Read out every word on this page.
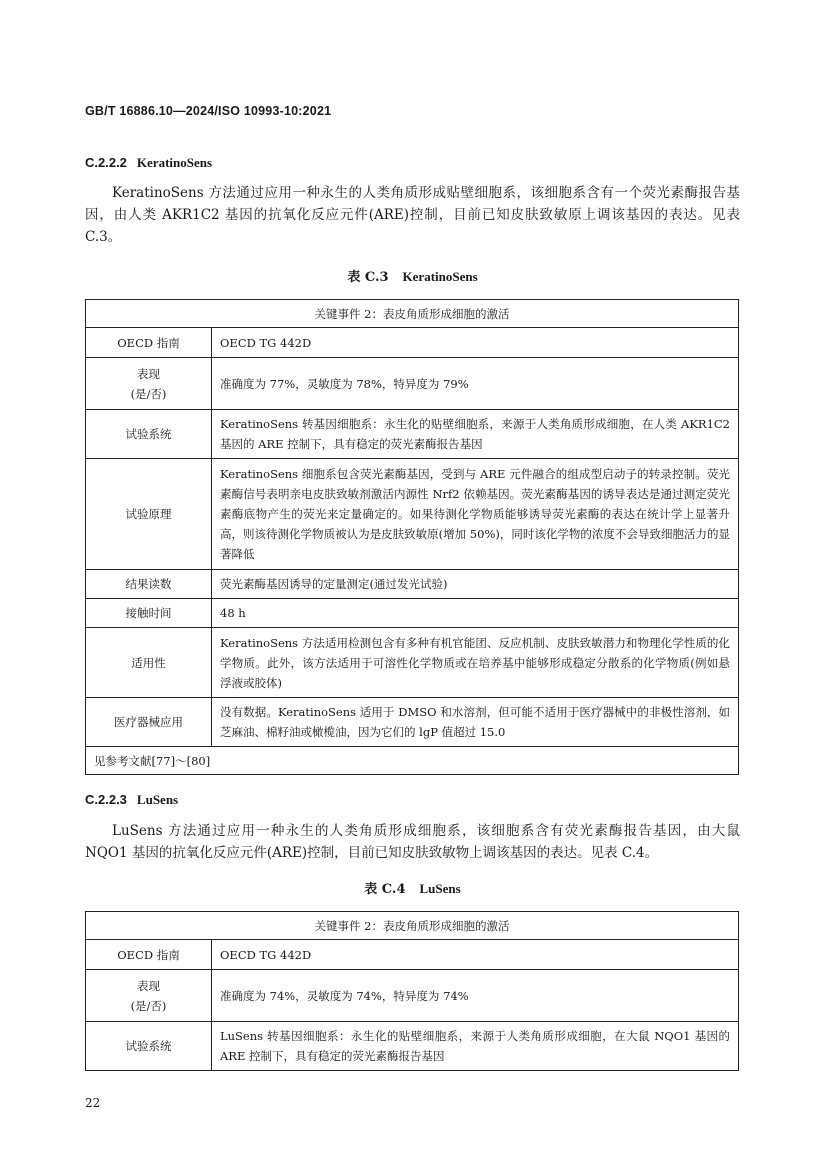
GB/T 16886.10—2024/ISO 10993-10:2021
C.2.2.2 KeratinoSens
KeratinoSens 方法通过应用一种永生的人类角质形成贴壁细胞系，该细胞系含有一个荧光素酶报告基因，由人类 AKR1C2 基因的抗氧化反应元件(ARE)控制，目前已知皮肤致敏原上调该基因的表达。见表 C.3。
表 C.3 KeratinoSens
关键事件 2：表皮角质形成细胞的激活	
OECD 指南	OECD TG 442D
表现
(是/否)	准确度为 77%，灵敏度为 78%，特异度为 79%
试验系统	KeratinoSens 转基因细胞系：永生化的贴壁细胞系，来源于人类角质形成细胞，在人类 AKR1C2 基因的 ARE 控制下，具有稳定的荧光素酶报告基因
试验原理	KeratinoSens 细胞系包含荧光素酶基因，受到与 ARE 元件融合的组成型启动子的转录控制。荧光素酶信号表明亲电皮肤致敏剂激活内源性 Nrf2 依赖基因。荧光素酶基因的诱导表达是通过测定荧光素酶底物产生的荧光来定量确定的。如果待测化学物质能够诱导荧光素酶的表达在统计学上显著升高，则该待测化学物质被认为是皮肤致敏原(增加 50%)，同时该化学物的浓度不会导致细胞活力的显著降低
结果读数	荧光素酶基因诱导的定量测定(通过发光试验)
接触时间	48 h
适用性	KeratinoSens 方法适用检测包含有多种有机官能团、反应机制、皮肤致敏潜力和物理化学性质的化学物质。此外，该方法适用于可溶性化学物质或在培养基中能够形成稳定分散系的化学物质(例如悬浮液或胶体)
医疗器械应用	没有数据。KeratinoSens 适用于 DMSO 和水溶剂，但可能不适用于医疗器械中的非极性溶剂，如芝麻油、棉籽油或橄榄油，因为它们的 lgP 值超过 15.0
见参考文献[77]～[80]	
C.2.2.3 LuSens
LuSens 方法通过应用一种永生的人类角质形成细胞系，该细胞系含有荧光素酶报告基因，由大鼠 NQO1 基因的抗氧化反应元件(ARE)控制，目前已知皮肤致敏物上调该基因的表达。见表 C.4。
表 C.4 LuSens
关键事件 2：表皮角质形成细胞的激活	
OECD 指南	OECD TG 442D
表现
(是/否)	准确度为 74%，灵敏度为 74%，特异度为 74%
试验系统	LuSens 转基因细胞系：永生化的贴壁细胞系，来源于人类角质形成细胞，在大鼠 NQO1 基因的 ARE 控制下，具有稳定的荧光素酶报告基因
22
